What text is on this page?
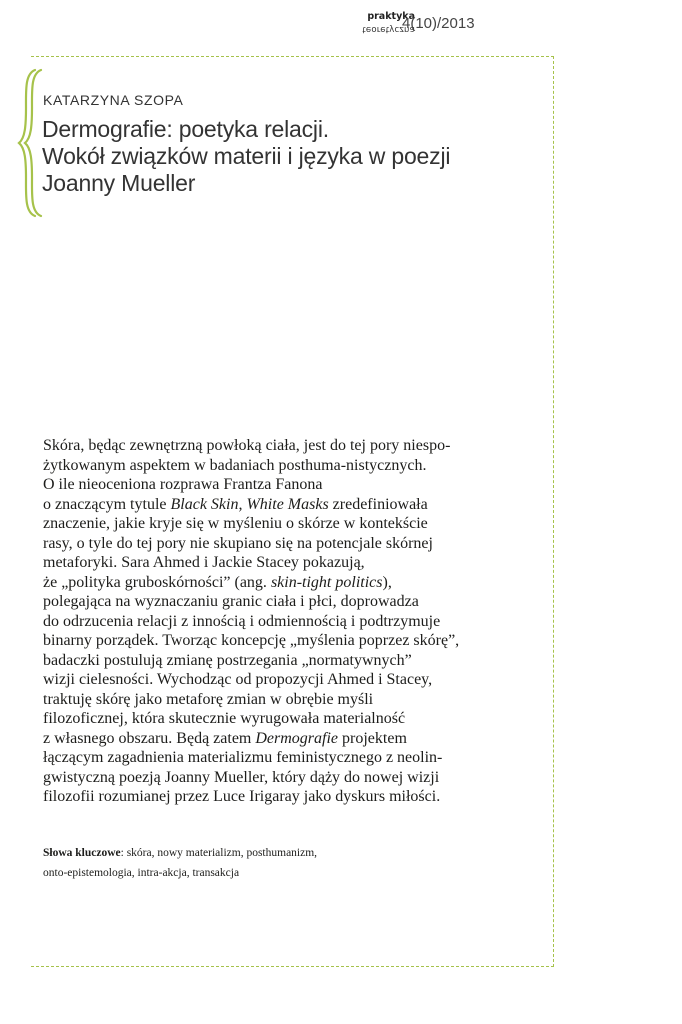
praktyka
teoretyczna
4(10)/2013
KATARZYNA SZOPA
Dermografie: poetyka relacji.
Wokół związków materii i języka w poezji
Joanny Mueller
Skóra, będąc zewnętrzną powłoką ciała, jest do tej pory niespo-
żytkowanym aspektem w badaniach posthuma-nistycznych.
O ile nieoceniona rozprawa Frantza Fanona
o znaczącym tytule Black Skin, White Masks zredefiniowała
znaczenie, jakie kryje się w myśleniu o skórze w kontekście
rasy, o tyle do tej pory nie skupiano się na potencjale skórnej
metaforyki. Sara Ahmed i Jackie Stacey pokazują,
że „polityka gruboskórności” (ang. skin-tight politics),
polegająca na wyznaczaniu granic ciała i płci, doprowadza
do odrzucenia relacji z innością i odmiennością i podtrzymuje
binarny porządek. Tworząc koncepcję „myślenia poprzez skórę”,
badaczki postulują zmianę postrzegania „normatywnych”
wizji cielesności. Wychodząc od propozycji Ahmed i Stacey,
traktuję skórę jako metaforę zmian w obrębie myśli
filozoficznej, która skutecznie wyrugowała materialność
z własnego obszaru. Będą zatem Dermografie projektem
łączącym zagadnienia materializmu feministycznego z neolin-
gwistyczną poezją Joanny Mueller, który dąży do nowej wizji
filozofii rozumianej przez Luce Irigaray jako dyskurs miłości.
Słowa kluczowe: skóra, nowy materializm, posthumanizm,
onto-epistemologia, intra-akcja, transakcja
